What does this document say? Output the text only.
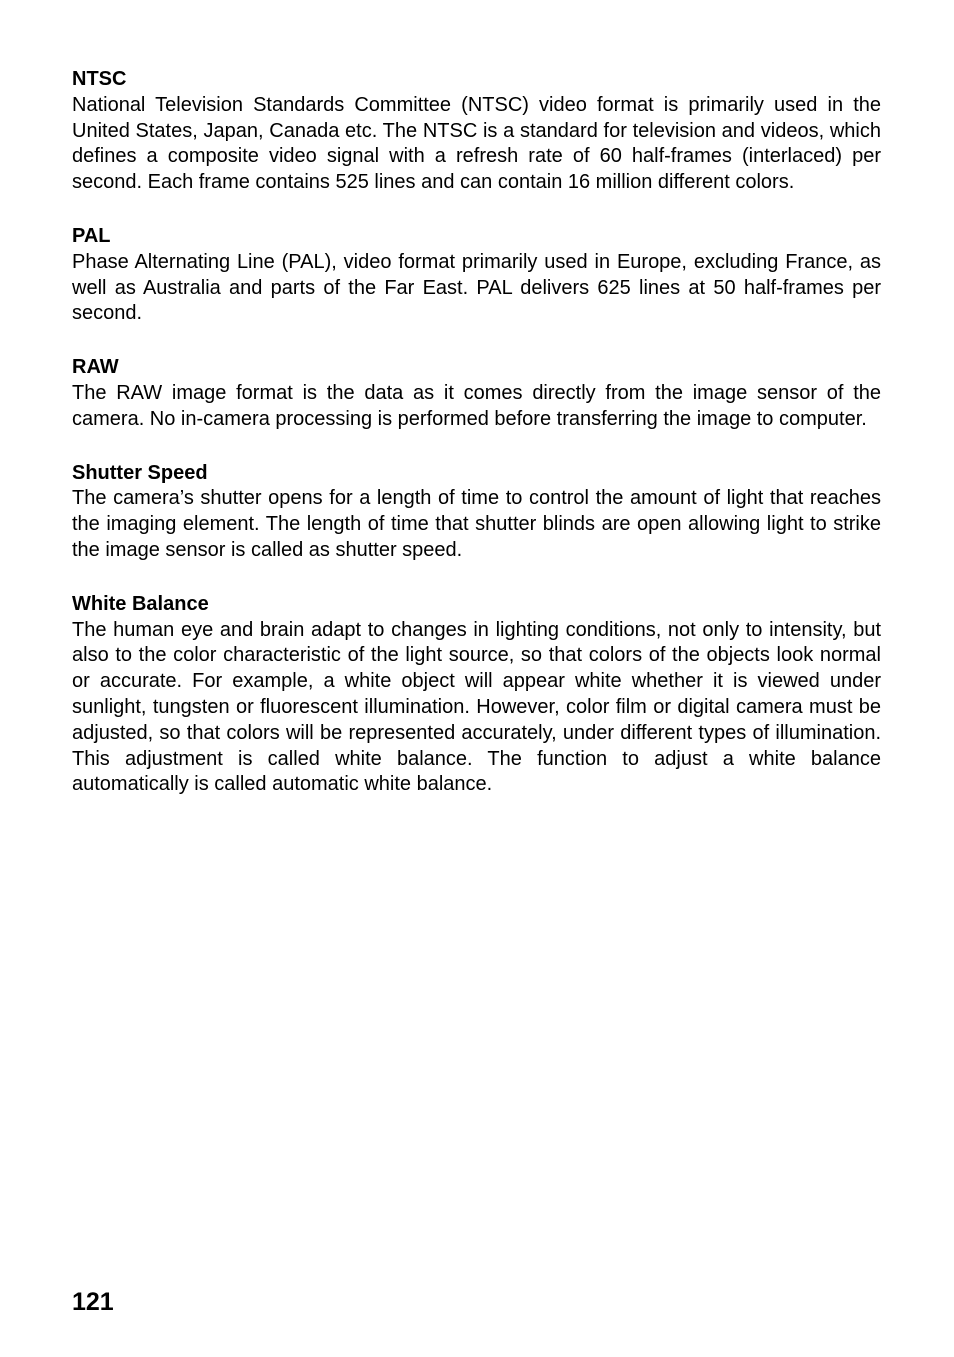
NTSC

National Television Standards Committee (NTSC) video format is primarily used in the United States, Japan, Canada etc. The NTSC is a standard for television and videos, which defines a composite video signal with a refresh rate of 60 half-frames (interlaced) per second. Each frame contains 525 lines and can contain 16 million different colors.

PAL

Phase Alternating Line (PAL), video format primarily used in Europe, excluding France, as well as Australia and parts of the Far East. PAL delivers 625 lines at 50 half-frames per second.

RAW

The RAW image format is the data as it comes directly from the image sensor of the camera. No in-camera processing is performed before transferring the image to computer.

Shutter Speed

The camera’s shutter opens for a length of time to control the amount of light that reaches the imaging element. The length of time that shutter blinds are open allowing light to strike the image sensor is called as shutter speed.

White Balance

The human eye and brain adapt to changes in lighting conditions, not only to intensity, but also to the color characteristic of the light source, so that colors of the objects look normal or accurate. For example, a white object will appear white whether it is viewed under sunlight, tungsten or fluorescent illumination. However, color film or digital camera must be adjusted, so that colors will be represented accurately, under different types of illumination. This adjustment is called white balance. The function to adjust a white balance automatically is called automatic white balance.

121
